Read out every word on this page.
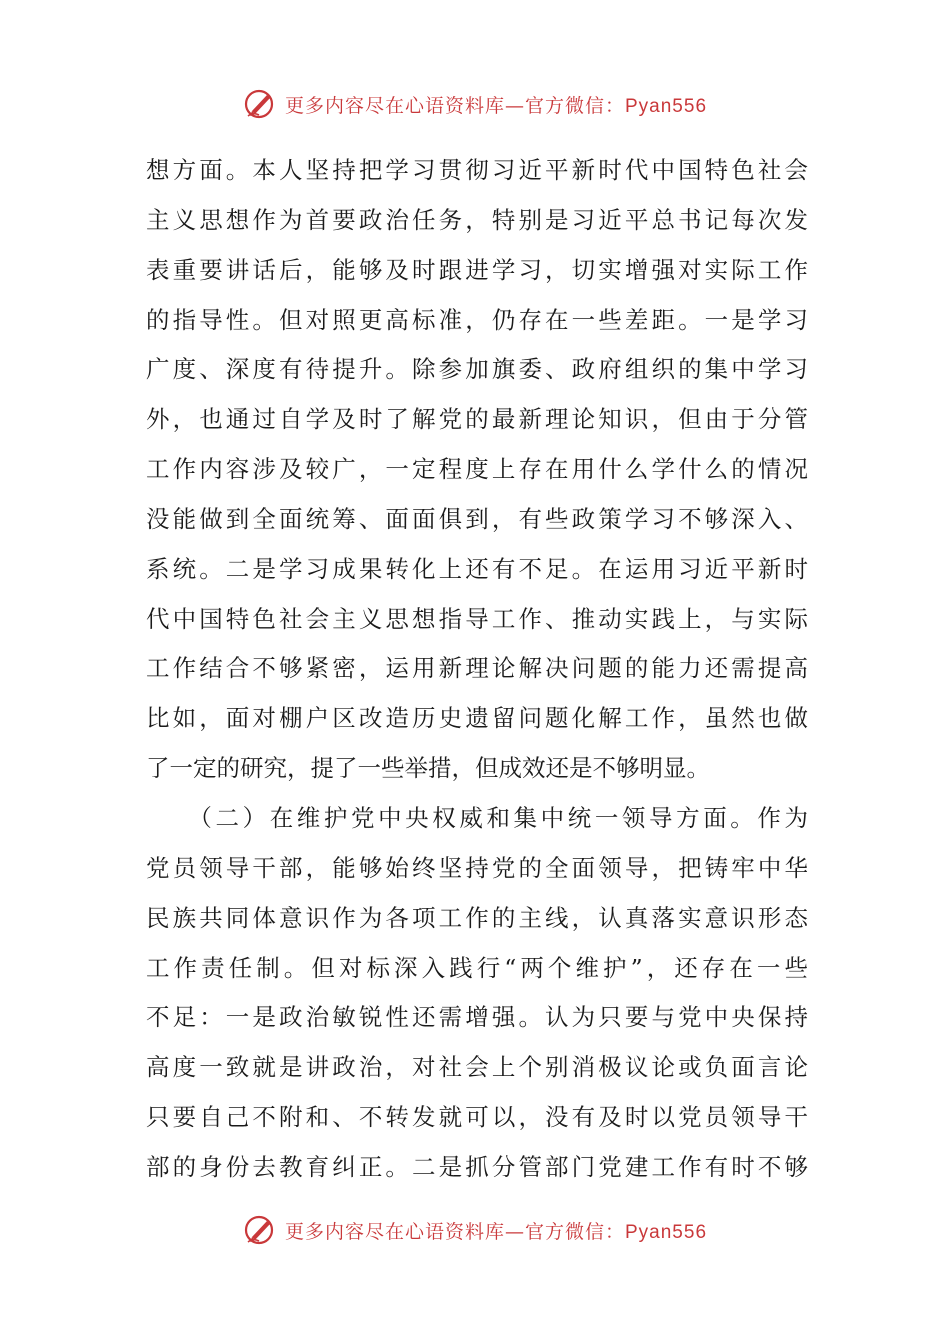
更多内容尽在心语资料库—官方微信：Pyan556
想方面。本人坚持把学习贯彻习近平新时代中国特色社会
主义思想作为首要政治任务，特别是习近平总书记每次发
表重要讲话后，能够及时跟进学习，切实增强对实际工作
的指导性。但对照更高标准，仍存在一些差距。一是学习
广度、深度有待提升。除参加旗委、政府组织的集中学习
外，也通过自学及时了解党的最新理论知识，但由于分管
工作内容涉及较广，一定程度上存在用什么学什么的情况
没能做到全面统筹、面面俱到，有些政策学习不够深入、
系统。二是学习成果转化上还有不足。在运用习近平新时
代中国特色社会主义思想指导工作、推动实践上，与实际
工作结合不够紧密，运用新理论解决问题的能力还需提高
比如，面对棚户区改造历史遗留问题化解工作，虽然也做
了一定的研究，提了一些举措，但成效还是不够明显。
　　（二）在维护党中央权威和集中统一领导方面。作为
党员领导干部，能够始终坚持党的全面领导，把铸牢中华
民族共同体意识作为各项工作的主线，认真落实意识形态
工作责任制。但对标深入践行“两个维护”，还存在一些
不足：一是政治敏锐性还需增强。认为只要与党中央保持
高度一致就是讲政治，对社会上个别消极议论或负面言论
只要自己不附和、不转发就可以，没有及时以党员领导干
部的身份去教育纠正。二是抓分管部门党建工作有时不够
更多内容尽在心语资料库—官方微信：Pyan556
